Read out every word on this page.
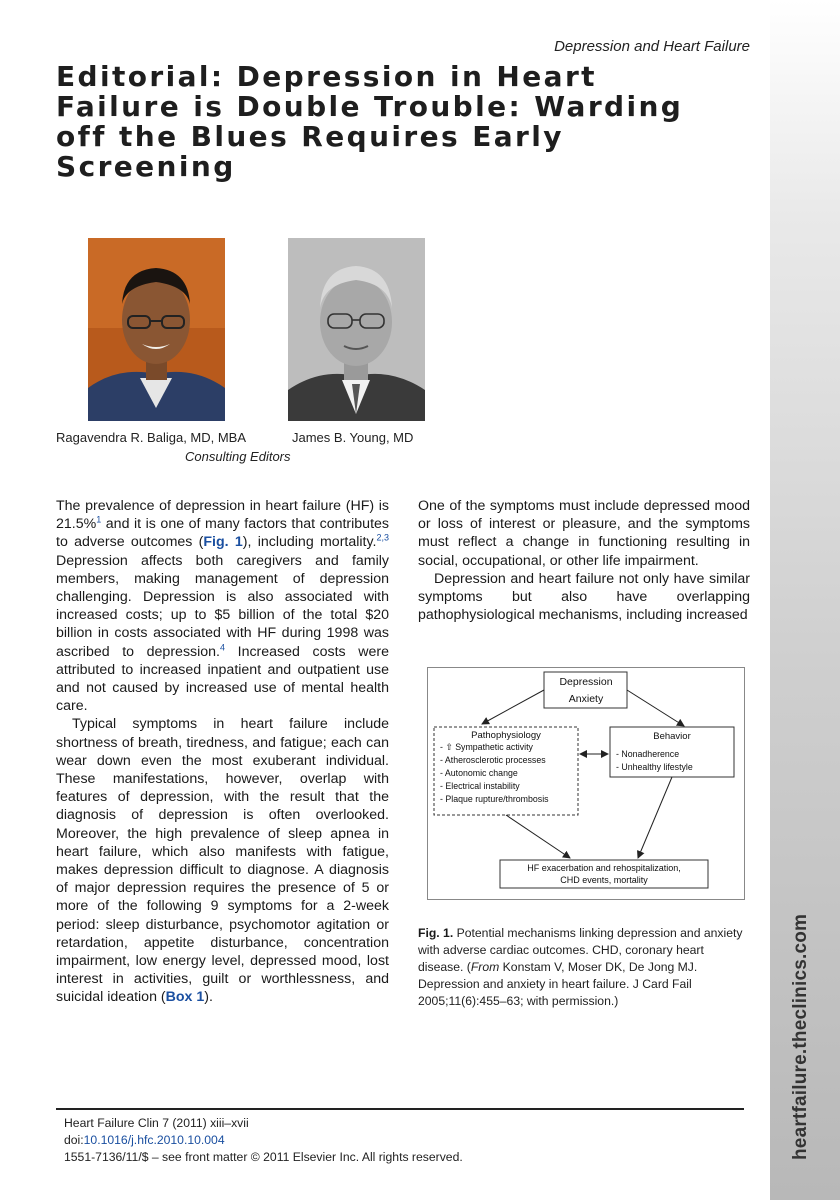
heartfailure.theclinics.com
Depression and Heart Failure
Editorial: Depression in Heart Failure is Double Trouble: Warding off the Blues Requires Early Screening
Ragavendra R. Baliga, MD, MBA	James B. Young, MD
Consulting Editors

The prevalence of depression in heart failure (HF) is 21.5%$^1$ and it is one of many factors that contributes to adverse outcomes (Fig. 1), including mortality.$^{2,3}$ Depression affects both caregivers and family members, making management of depression challenging. Depression is also associated with increased costs; up to $5 billion of the total $20 billion in costs associated with HF during 1998 was ascribed to depression.$^4$ Increased costs were attributed to increased inpatient and outpatient use and not caused by increased use of mental health care.

Typical symptoms in heart failure include shortness of breath, tiredness, and fatigue; each can wear down even the most exuberant individual. These manifestations, however, overlap with features of depression, with the result that the diagnosis of depression is often overlooked. Moreover, the high prevalence of sleep apnea in heart failure, which also manifests with fatigue, makes depression difficult to diagnose. A diagnosis of major depression requires the presence of 5 or more of the following 9 symptoms for a 2-week period: sleep disturbance, psychomotor agitation or retardation, appetite disturbance, concentration impairment, low energy level, depressed mood, lost interest in activities, guilt or worthlessness, and suicidal ideation (Box 1).

One of the symptoms must include depressed mood or loss of interest or pleasure, and the symptoms must reflect a change in functioning resulting in social, occupational, or other life impairment.

Depression and heart failure not only have similar symptoms but also have overlapping pathophysiological mechanisms, including increased

Depression
Anxiety
Pathophysiology
- ⇧ Sympathetic activity
- Atherosclerotic processes
- Autonomic change
- Electrical instability
- Plaque rupture/thrombosis
Behavior
- Nonadherence
- Unhealthy lifestyle
HF exacerbation and rehospitalization,
CHD events, mortality
Fig. 1. Potential mechanisms linking depression and anxiety with adverse cardiac outcomes. CHD, coronary heart disease. (From Konstam V, Moser DK, De Jong MJ. Depression and anxiety in heart failure. J Card Fail 2005;11(6):455–63; with permission.)
Heart Failure Clin 7 (2011) xiii–xvii
doi:10.1016/j.hfc.2010.10.004
1551-7136/11/$ – see front matter © 2011 Elsevier Inc. All rights reserved.
